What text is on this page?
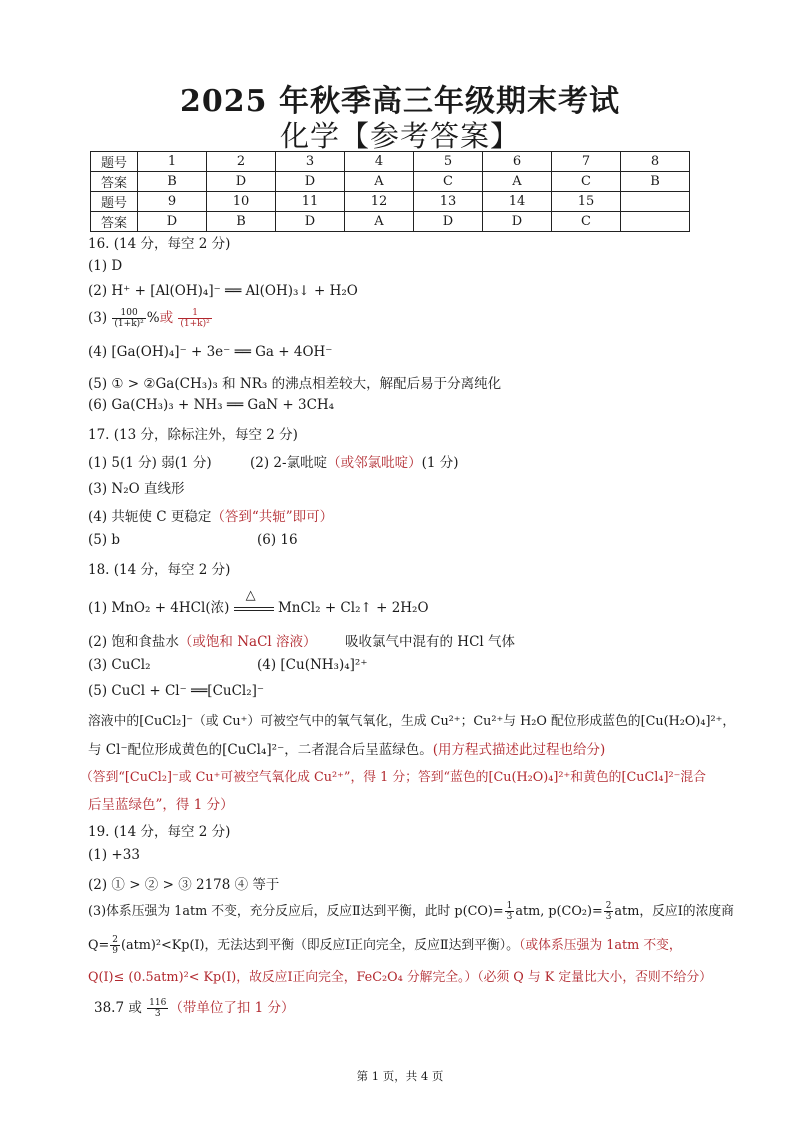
2025 年秋季高三年级期末考试
化学【参考答案】
题号	1	2	3	4	5	6	7	8
答案	B	D	D	A	C	A	C	B
题号	9	10	11	12	13	14	15	
答案	D	B	D	A	D	D	C	
16. (14 分，每空 2 分)
(1) D
(2) H⁺ + [Al(OH)₄]⁻ ══ Al(OH)₃↓ + H₂O
$(3) \frac{100}{\text{(1+k)²}}$ %或 $\frac{1}{\text{(1+k)²}}$
(4) [Ga(OH)₄]⁻ + 3e⁻ ══ Ga + 4OH⁻
(5) ① > ②Ga(CH₃)₃ 和 NR₃ 的沸点相差较大，解配后易于分离纯化
(6) Ga(CH₃)₃ + NH₃ ══ GaN + 3CH₄
17. (13 分，除标注外，每空 2 分)
(1) 5(1 分) 弱(1 分)	(2) 2-氯吡啶（或邻氯吡啶）(1 分)
(3) N₂O 直线形
(4) 共轭使 C 更稳定（答到“共轭”即可）
(5) b	(6) 16
18. (14 分，每空 2 分)
(1) MnO₂ + 4HCl(浓)
△
MnCl₂ + Cl₂↑ + 2H₂O
(2) 饱和食盐水（或饱和 NaCl 溶液） 吸收氯气中混有的 HCl 气体
(3) CuCl₂	(4) [Cu(NH₃)₄]²⁺
(5) CuCl + Cl⁻ ══[CuCl₂]⁻
溶液中的[CuCl₂]⁻（或 Cu⁺）可被空气中的氧气氧化，生成 Cu²⁺；Cu²⁺与 H₂O 配位形成蓝色的[Cu(H₂O)₄]²⁺，
与 Cl⁻配位形成黄色的[CuCl₄]²⁻，二者混合后呈蓝绿色。(用方程式描述此过程也给分)
（答到“[CuCl₂]⁻或 Cu⁺可被空气氧化成 Cu²⁺”，得 1 分；答到“蓝色的[Cu(H₂O)₄]²⁺和黄色的[CuCl₄]²⁻混合
后呈蓝绿色”，得 1 分）
19. (14 分，每空 2 分)
(1) +33
(2) ① > ② > ③ 2178 ④ 等于
(3)体系压强为 1atm 不变，充分反应后，反应Ⅱ达到平衡，此时 $p(CO)= \frac{1}{3}$ atm, $p(CO_2)= \frac{2}{3}$ atm，反应Ⅰ的浓度商
$Q= \frac{2}{9}$ (atm)²<Kp(Ⅰ)，无法达到平衡（即反应Ⅰ正向完全，反应Ⅱ达到平衡）。（或体系压强为 1atm 不变，
Q(Ⅰ)≤ (0.5atm)²< Kp(Ⅰ)，故反应Ⅰ正向完全，FeC₂O₄ 分解完全。）（必须 Q 与 K 定量比大小，否则不给分）
38.7 或 $\frac{116}{3}$ （带单位了扣 1 分）
第 1 页，共 4 页
